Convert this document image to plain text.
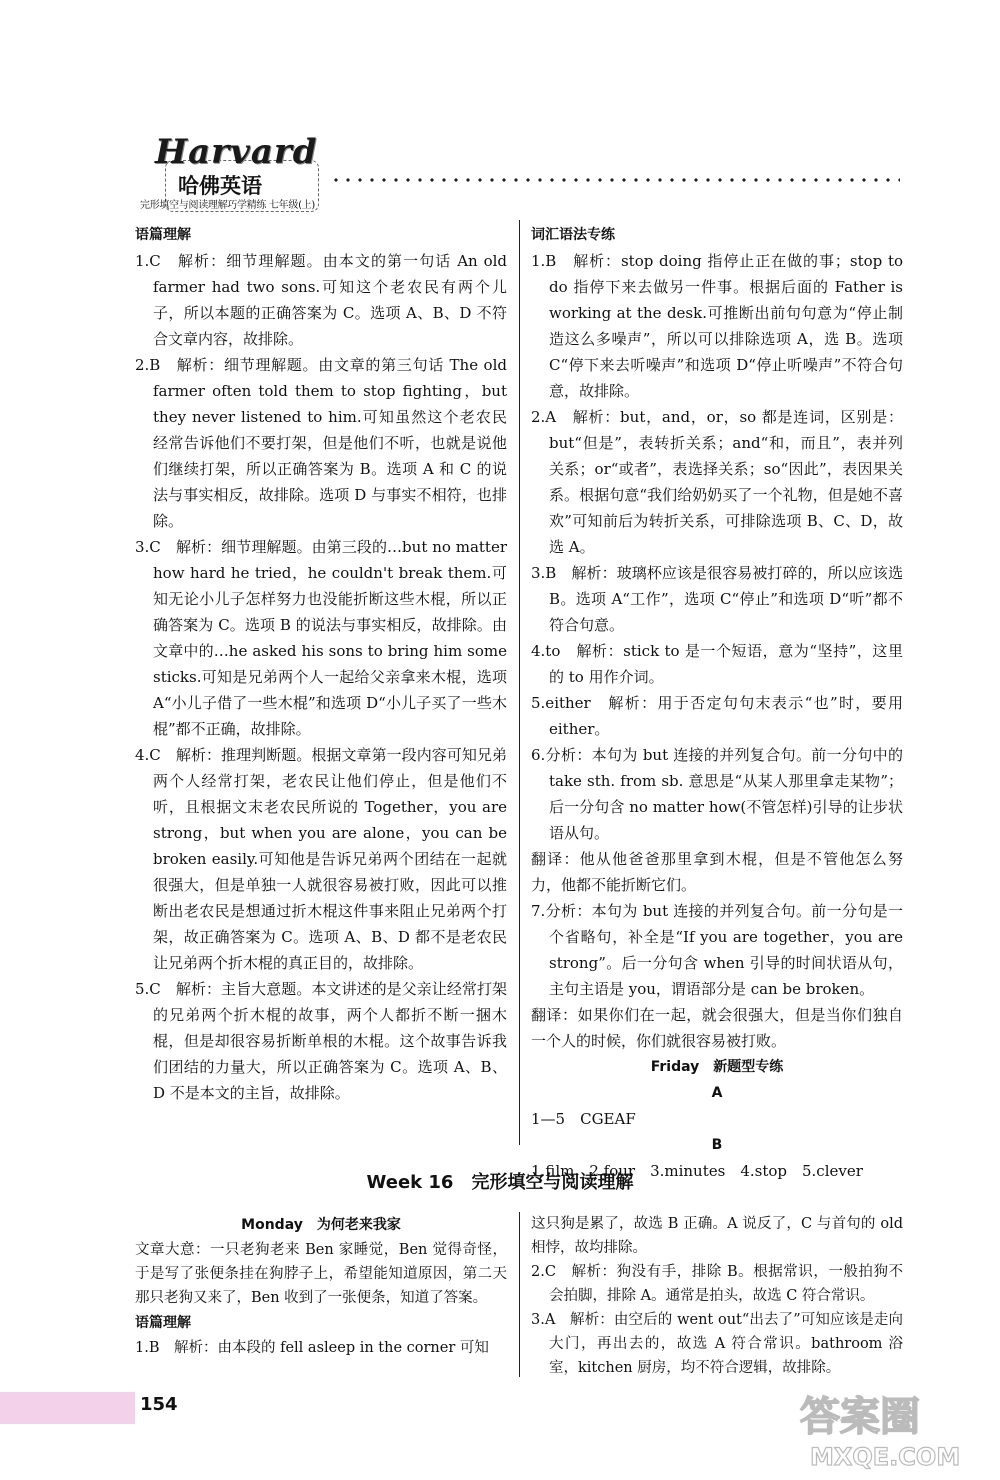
Harvard
哈佛英语
完形填空与阅读理解巧学精练 七年级(上)
语篇理解

1.C　解析：细节理解题。由本文的第一句话 An old farmer had two sons.可知这个老农民有两个儿子，所以本题的正确答案为 C。选项 A、B、D 不符合文章内容，故排除。

2.B　解析：细节理解题。由文章的第三句话 The old farmer often told them to stop fighting，but they never listened to him.可知虽然这个老农民经常告诉他们不要打架，但是他们不听，也就是说他们继续打架，所以正确答案为 B。选项 A 和 C 的说法与事实相反，故排除。选项 D 与事实不相符，也排除。

3.C　解析：细节理解题。由第三段的…but no matter how hard he tried，he couldn't break them.可知无论小儿子怎样努力也没能折断这些木棍，所以正确答案为 C。选项 B 的说法与事实相反，故排除。由文章中的…he asked his sons to bring him some sticks.可知是兄弟两个人一起给父亲拿来木棍，选项 A“小儿子借了一些木棍”和选项 D“小儿子买了一些木棍”都不正确，故排除。

4.C　解析：推理判断题。根据文章第一段内容可知兄弟两个人经常打架，老农民让他们停止，但是他们不听，且根据文末老农民所说的 Together，you are strong，but when you are alone，you can be broken easily.可知他是告诉兄弟两个团结在一起就很强大，但是单独一人就很容易被打败，因此可以推断出老农民是想通过折木棍这件事来阻止兄弟两个打架，故正确答案为 C。选项 A、B、D 都不是老农民让兄弟两个折木棍的真正目的，故排除。

5.C　解析：主旨大意题。本文讲述的是父亲让经常打架的兄弟两个折木棍的故事，两个人都折不断一捆木棍，但是却很容易折断单根的木棍。这个故事告诉我们团结的力量大，所以正确答案为 C。选项 A、B、D 不是本文的主旨，故排除。

词汇语法专练

1.B　解析：stop doing 指停止正在做的事；stop to do 指停下来去做另一件事。根据后面的 Father is working at the desk.可推断出前句句意为“停止制造这么多噪声”，所以可以排除选项 A，选 B。选项 C“停下来去听噪声”和选项 D“停止听噪声”不符合句意，故排除。

2.A　解析：but，and，or，so 都是连词，区别是：but“但是”，表转折关系；and“和，而且”，表并列关系；or“或者”，表选择关系；so“因此”，表因果关系。根据句意“我们给奶奶买了一个礼物，但是她不喜欢”可知前后为转折关系，可排除选项 B、C、D，故选 A。

3.B　解析：玻璃杯应该是很容易被打碎的，所以应该选 B。选项 A“工作”，选项 C“停止”和选项 D“听”都不符合句意。

4.to　解析：stick to 是一个短语，意为“坚持”，这里的 to 用作介词。

5.either　解析：用于否定句句末表示“也”时，要用 either。

6.分析：本句为 but 连接的并列复合句。前一分句中的 take sth. from sb. 意思是“从某人那里拿走某物”；后一分句含 no matter how(不管怎样)引导的让步状语从句。

翻译：他从他爸爸那里拿到木棍，但是不管他怎么努力，他都不能折断它们。

7.分析：本句为 but 连接的并列复合句。前一分句是一个省略句，补全是“If you are together，you are strong”。后一分句含 when 引导的时间状语从句，主句主语是 you，谓语部分是 can be broken。

翻译：如果你们在一起，就会很强大，但是当你们独自一个人的时候，你们就很容易被打败。

Friday　新题型专练
A
1—5　CGEAF
B
1.film　2.four　3.minutes　4.stop　5.clever
Week 16　完形填空与阅读理解
Monday　为何老来我家

文章大意：一只老狗老来 Ben 家睡觉，Ben 觉得奇怪，于是写了张便条挂在狗脖子上，希望能知道原因，第二天那只老狗又来了，Ben 收到了一张便条，知道了答案。

语篇理解

1.B　解析：由本段的 fell asleep in the corner 可知

这只狗是累了，故选 B 正确。A 说反了，C 与首句的 old 相悖，故均排除。

2.C　解析：狗没有手，排除 B。根据常识，一般拍狗不会拍脚，排除 A。通常是拍头，故选 C 符合常识。

3.A　解析：由空后的 went out“出去了”可知应该是走向大门，再出去的，故选 A 符合常识。bathroom 浴室，kitchen 厨房，均不符合逻辑，故排除。

154	答案圈
MXQE.COM
